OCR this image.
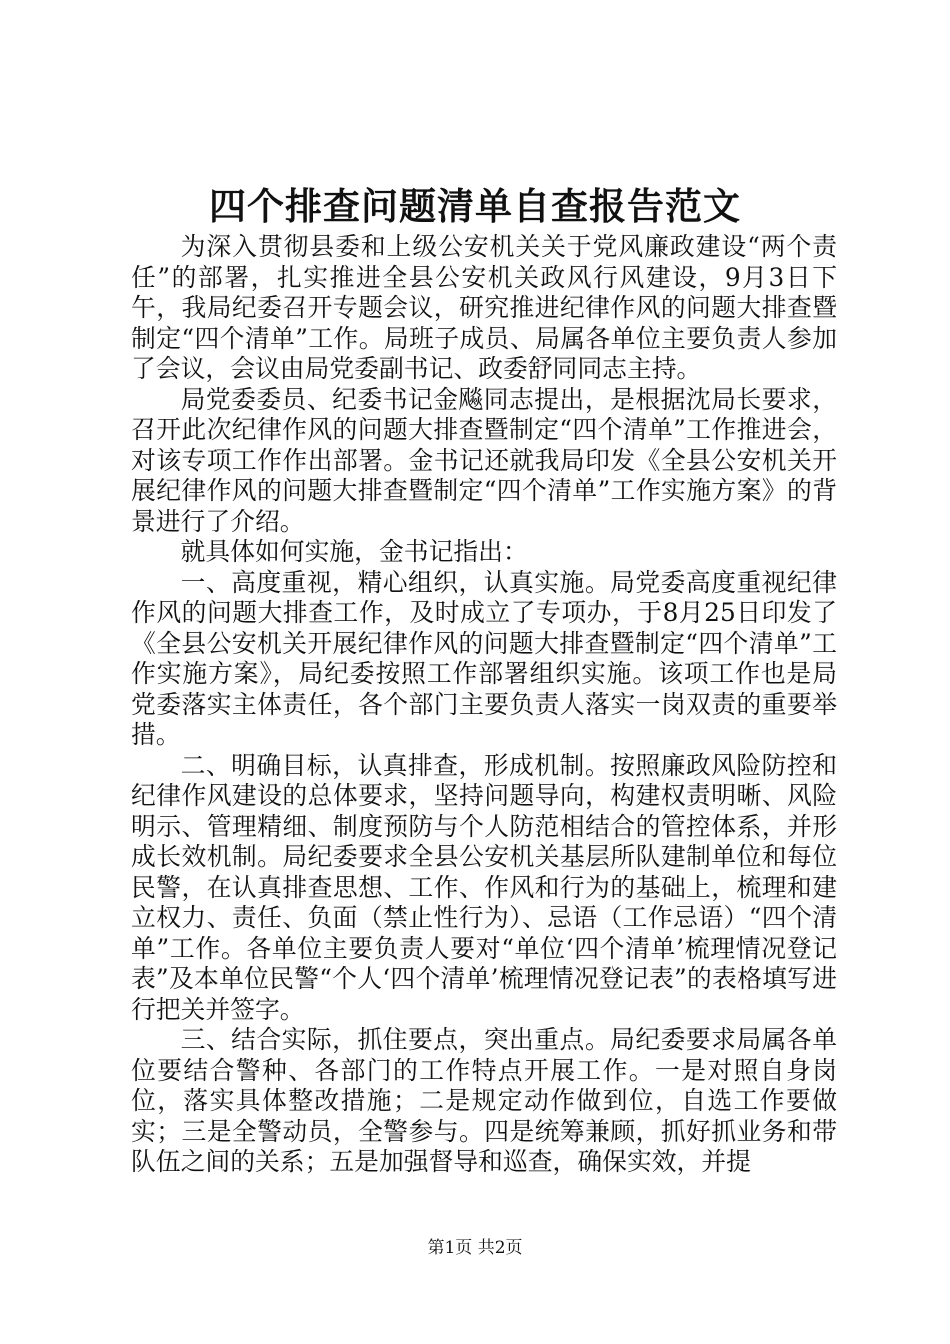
四个排查问题清单自查报告范文

为深入贯彻县委和上级公安机关关于党风廉政建设“两个责任”的部署，扎实推进全县公安机关政风行风建设，9月3日下午，我局纪委召开专题会议，研究推进纪律作风的问题大排查暨制定“四个清单”工作。局班子成员、局属各单位主要负责人参加了会议，会议由局党委副书记、政委舒同同志主持。

局党委委员、纪委书记金飚同志提出，是根据沈局长要求，召开此次纪律作风的问题大排查暨制定“四个清单”工作推进会，对该专项工作作出部署。金书记还就我局印发《全县公安机关开展纪律作风的问题大排查暨制定“四个清单”工作实施方案》的背景进行了介绍。

就具体如何实施，金书记指出：

一、高度重视，精心组织，认真实施。局党委高度重视纪律作风的问题大排查工作，及时成立了专项办，于8月25日印发了《全县公安机关开展纪律作风的问题大排查暨制定“四个清单”工作实施方案》，局纪委按照工作部署组织实施。该项工作也是局党委落实主体责任，各个部门主要负责人落实一岗双责的重要举措。

二、明确目标，认真排查，形成机制。按照廉政风险防控和纪律作风建设的总体要求，坚持问题导向，构建权责明晰、风险明示、管理精细、制度预防与个人防范相结合的管控体系，并形成长效机制。局纪委要求全县公安机关基层所队建制单位和每位民警，在认真排查思想、工作、作风和行为的基础上，梳理和建立权力、责任、负面（禁止性行为）、忌语（工作忌语）“四个清单”工作。各单位主要负责人要对“单位‘四个清单’梳理情况登记表”及本单位民警“个人‘四个清单’梳理情况登记表”的表格填写进行把关并签字。

三、结合实际，抓住要点，突出重点。局纪委要求局属各单位要结合警种、各部门的工作特点开展工作。一是对照自身岗位，落实具体整改措施；二是规定动作做到位，自选工作要做实；三是全警动员，全警参与。四是统筹兼顾，抓好抓业务和带队伍之间的关系；五是加强督导和巡查，确保实效，并提

第1页 共2页
